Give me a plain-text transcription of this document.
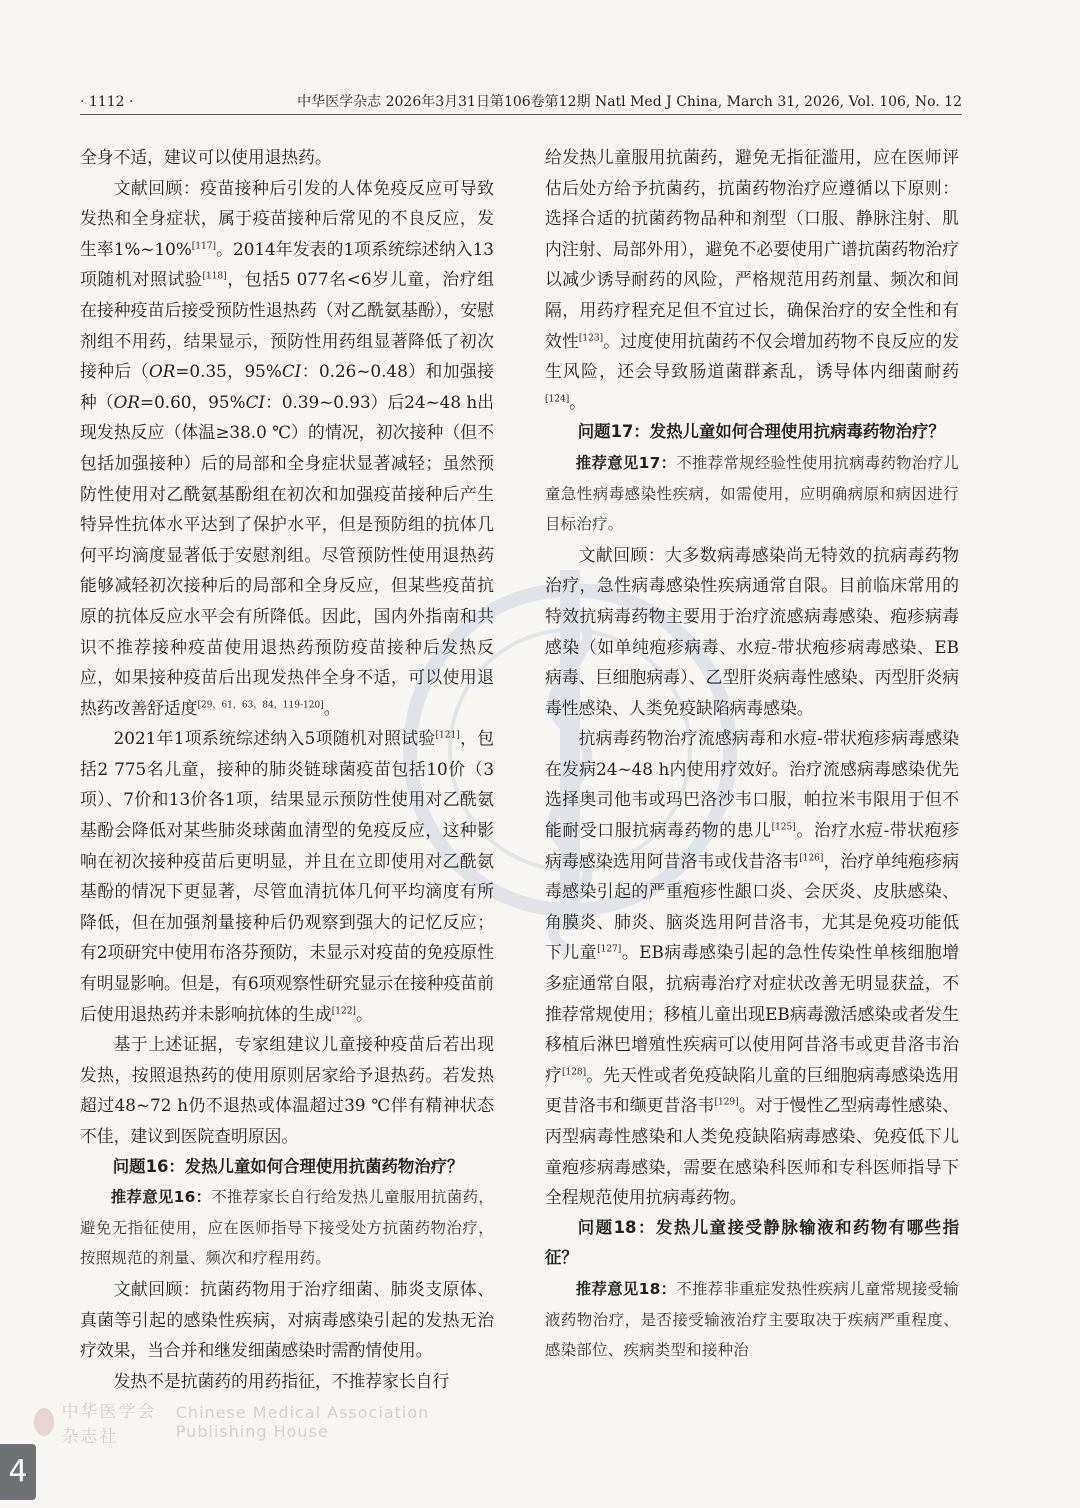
· 1112 ·	中华医学杂志 2026年3月31日第106卷第12期 Natl Med J China, March 31, 2026, Vol. 106, No. 12

全身不适，建议可以使用退热药。

文献回顾：疫苗接种后引发的人体免疫反应可导致发热和全身症状，属于疫苗接种后常见的不良反应，发生率1%~10%[117]。2014年发表的1项系统综述纳入13项随机对照试验[118]，包括5 077名<6岁儿童，治疗组在接种疫苗后接受预防性退热药（对乙酰氨基酚），安慰剂组不用药，结果显示，预防性用药组显著降低了初次接种后（OR=0.35，95%CI：0.26~0.48）和加强接种（OR=0.60，95%CI：0.39~0.93）后24~48 h出现发热反应（体温≥38.0 ℃）的情况，初次接种（但不包括加强接种）后的局部和全身症状显著减轻；虽然预防性使用对乙酰氨基酚组在初次和加强疫苗接种后产生特异性抗体水平达到了保护水平，但是预防组的抗体几何平均滴度显著低于安慰剂组。尽管预防性使用退热药能够减轻初次接种后的局部和全身反应，但某些疫苗抗原的抗体反应水平会有所降低。因此，国内外指南和共识不推荐接种疫苗使用退热药预防疫苗接种后发热反应，如果接种疫苗后出现发热伴全身不适，可以使用退热药改善舒适度[29，61，63，84，119-120]。

2021年1项系统综述纳入5项随机对照试验[121]，包括2 775名儿童，接种的肺炎链球菌疫苗包括10价（3项）、7价和13价各1项，结果显示预防性使用对乙酰氨基酚会降低对某些肺炎球菌血清型的免疫反应，这种影响在初次接种疫苗后更明显，并且在立即使用对乙酰氨基酚的情况下更显著，尽管血清抗体几何平均滴度有所降低，但在加强剂量接种后仍观察到强大的记忆反应；有2项研究中使用布洛芬预防，未显示对疫苗的免疫原性有明显影响。但是，有6项观察性研究显示在接种疫苗前后使用退热药并未影响抗体的生成[122]。

基于上述证据，专家组建议儿童接种疫苗后若出现发热，按照退热药的使用原则居家给予退热药。若发热超过48~72 h仍不退热或体温超过39 ℃伴有精神状态不佳，建议到医院查明原因。

问题16：发热儿童如何合理使用抗菌药物治疗？

推荐意见16：不推荐家长自行给发热儿童服用抗菌药，避免无指征使用，应在医师指导下接受处方抗菌药物治疗，按照规范的剂量、频次和疗程用药。

文献回顾：抗菌药物用于治疗细菌、肺炎支原体、真菌等引起的感染性疾病，对病毒感染引起的发热无治疗效果，当合并和继发细菌感染时需酌情使用。

发热不是抗菌药的用药指征，不推荐家长自行

给发热儿童服用抗菌药，避免无指征滥用，应在医师评估后处方给予抗菌药，抗菌药物治疗应遵循以下原则：选择合适的抗菌药物品种和剂型（口服、静脉注射、肌内注射、局部外用），避免不必要使用广谱抗菌药物治疗以减少诱导耐药的风险，严格规范用药剂量、频次和间隔，用药疗程充足但不宜过长，确保治疗的安全性和有效性[123]。过度使用抗菌药不仅会增加药物不良反应的发生风险，还会导致肠道菌群紊乱，诱导体内细菌耐药[124]。

问题17：发热儿童如何合理使用抗病毒药物治疗？

推荐意见17：不推荐常规经验性使用抗病毒药物治疗儿童急性病毒感染性疾病，如需使用，应明确病原和病因进行目标治疗。

文献回顾：大多数病毒感染尚无特效的抗病毒药物治疗，急性病毒感染性疾病通常自限。目前临床常用的特效抗病毒药物主要用于治疗流感病毒感染、疱疹病毒感染（如单纯疱疹病毒、水痘-带状疱疹病毒感染、EB病毒、巨细胞病毒）、乙型肝炎病毒性感染、丙型肝炎病毒性感染、人类免疫缺陷病毒感染。

抗病毒药物治疗流感病毒和水痘-带状疱疹病毒感染在发病24~48 h内使用疗效好。治疗流感病毒感染优先选择奥司他韦或玛巴洛沙韦口服，帕拉米韦限用于但不能耐受口服抗病毒药物的患儿[125]。治疗水痘-带状疱疹病毒感染选用阿昔洛韦或伐昔洛韦[126]，治疗单纯疱疹病毒感染引起的严重疱疹性龈口炎、会厌炎、皮肤感染、角膜炎、肺炎、脑炎选用阿昔洛韦，尤其是免疫功能低下儿童[127]。EB病毒感染引起的急性传染性单核细胞增多症通常自限，抗病毒治疗对症状改善无明显获益，不推荐常规使用；移植儿童出现EB病毒激活感染或者发生移植后淋巴增殖性疾病可以使用阿昔洛韦或更昔洛韦治疗[128]。先天性或者免疫缺陷儿童的巨细胞病毒感染选用更昔洛韦和缬更昔洛韦[129]。对于慢性乙型病毒性感染、丙型病毒性感染和人类免疫缺陷病毒感染、免疫低下儿童疱疹病毒感染，需要在感染科医师和专科医师指导下全程规范使用抗病毒药物。

问题18：发热儿童接受静脉输液和药物有哪些指征？

推荐意见18：不推荐非重症发热性疾病儿童常规接受输液药物治疗，是否接受输液治疗主要取决于疾病严重程度、感染部位、疾病类型和接种治

中华医学会杂志社
Chinese Medical Association Publishing House
4
